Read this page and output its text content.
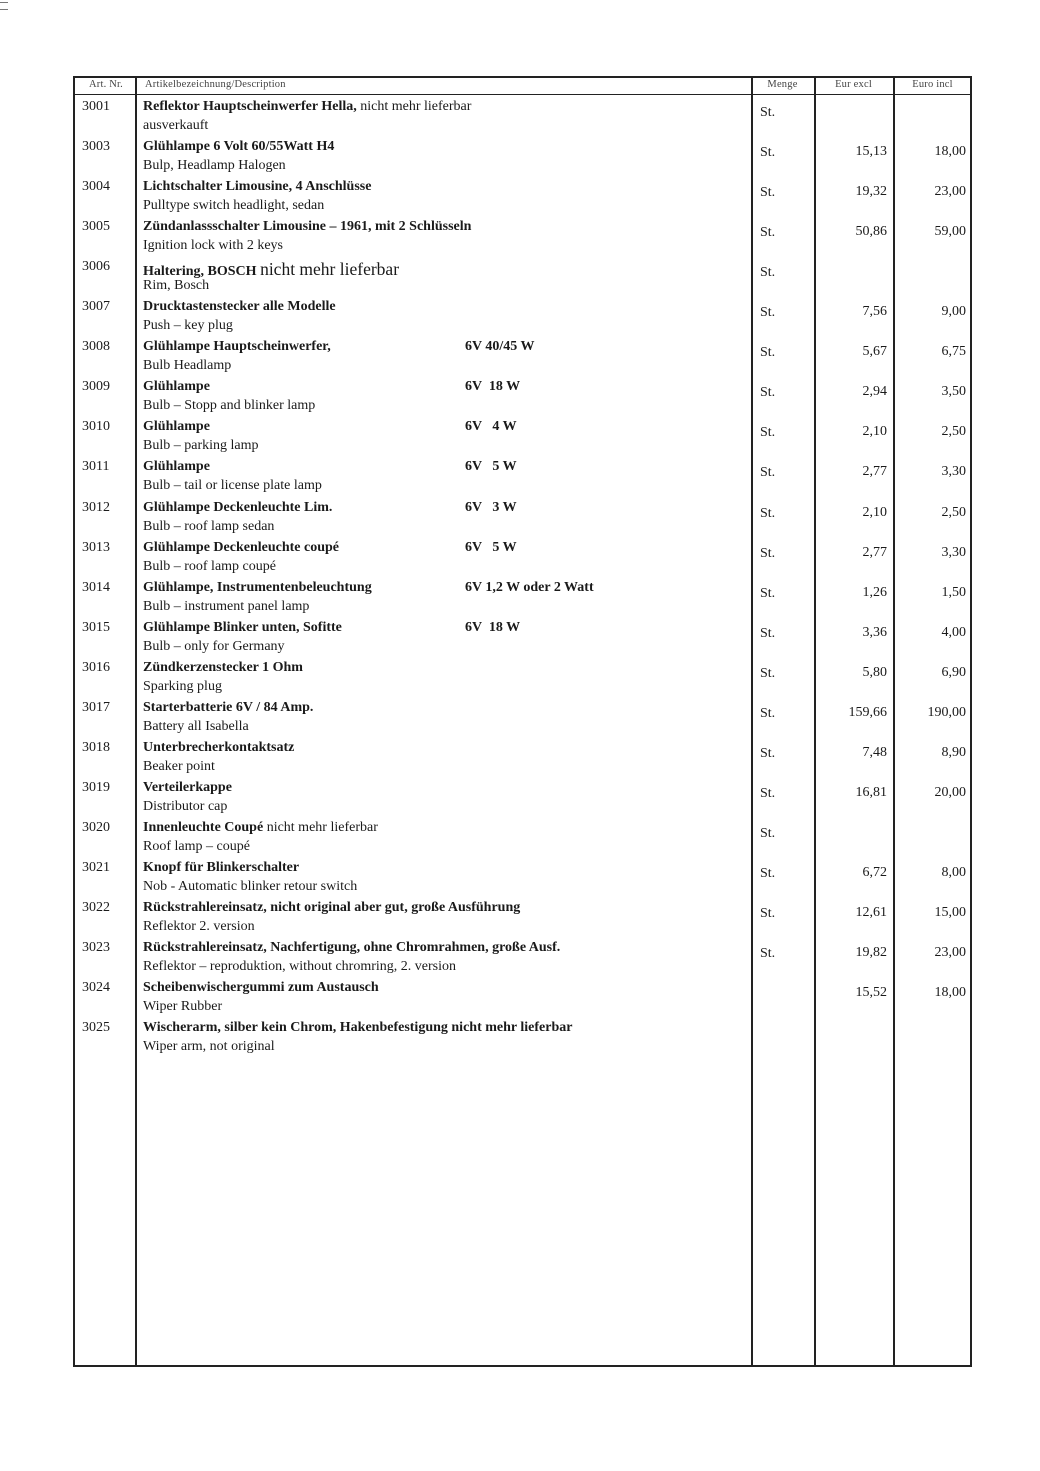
Art. Nr.	Artikelbezeichnung/Description	Menge	Eur excl	Euro incl
3001 Reflektor Hauptscheinwerfer Hella, nicht mehr lieferbar
ausverkauft
St.
3003 Glühlampe 6 Volt 60/55Watt H4
Bulp, Headlamp Halogen
St.	15,13	18,00
3004 Lichtschalter Limousine, 4 Anschlüsse
Pulltype switch headlight, sedan
St.	19,32	23,00
3005 Zündanlassschalter Limousine – 1961, mit 2 Schlüsseln
Ignition lock with 2 keys
St.	50,86	59,00
3006 Haltering, BOSCH nicht mehr lieferbar
Rim, Bosch
St.
3007 Drucktastenstecker alle Modelle
Push – key plug
St.	7,56	9,00
3008 Glühlampe Hauptscheinwerfer,	6V 40/45 W
Bulb Headlamp
St.	5,67	6,75
3009 Glühlampe	6V  18 W
Bulb – Stopp and blinker lamp
St.	2,94	3,50
3010 Glühlampe	6V   4 W
Bulb – parking lamp
St.	2,10	2,50
3011 Glühlampe	6V   5 W
Bulb – tail or license plate lamp
St.	2,77	3,30
3012 Glühlampe Deckenleuchte Lim.	6V   3 W
Bulb – roof lamp sedan
St.	2,10	2,50
3013 Glühlampe Deckenleuchte coupé	6V   5 W
Bulb – roof lamp coupé
St.	2,77	3,30
3014 Glühlampe, Instrumentenbeleuchtung	6V 1,2 W oder 2 Watt
Bulb – instrument panel lamp
St.	1,26	1,50
3015 Glühlampe Blinker unten, Sofitte	6V  18 W
Bulb – only for Germany
St.	3,36	4,00
3016 Zündkerzenstecker 1 Ohm
Sparking plug
St.	5,80	6,90
3017 Starterbatterie 6V / 84 Amp.
Battery all Isabella
St.	159,66	190,00
3018 Unterbrecherkontaktsatz
Beaker point
St.	7,48	8,90
3019 Verteilerkappe
Distributor cap
St.	16,81	20,00
3020 Innenleuchte Coupé nicht mehr lieferbar
Roof lamp – coupé
St.
3021 Knopf für Blinkerschalter
Nob - Automatic blinker retour switch
St.	6,72	8,00
3022 Rückstrahlereinsatz, nicht original aber gut, große Ausführung
Reflektor 2. version
St.	12,61	15,00
3023 Rückstrahlereinsatz, Nachfertigung, ohne Chromrahmen, große Ausf.
Reflektor – reproduktion, without chromring, 2. version
St.	19,82	23,00
3024 Scheibenwischergummi zum Austausch
Wiper Rubber
15,52	18,00
3025 Wischerarm, silber kein Chrom, Hakenbefestigung nicht mehr lieferbar
Wiper arm, not original
